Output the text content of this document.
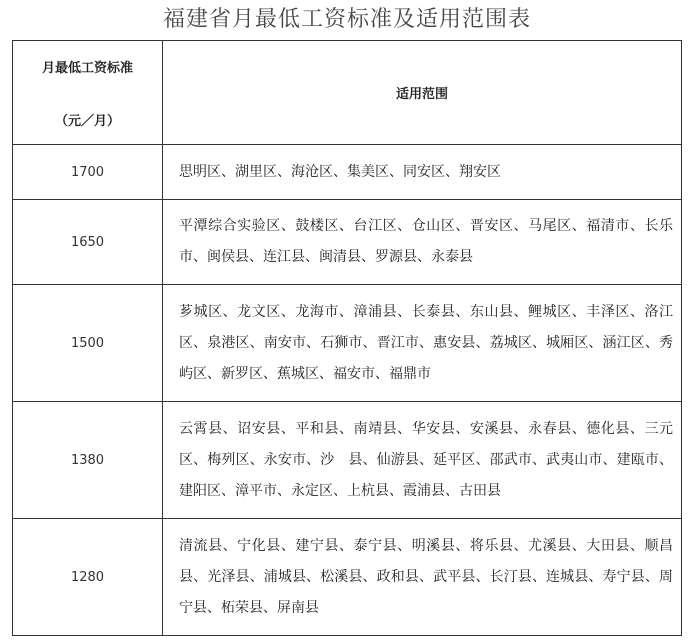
福建省月最低工资标准及适用范围表
月最低工资标准
（元／月）	适用范围
1700	思明区、湖里区、海沧区、集美区、同安区、翔安区
1650	平潭综合实验区、鼓楼区、台江区、仓山区、晋安区、马尾区、福清市、长乐市、闽侯县、连江县、闽清县、罗源县、永泰县
1500	芗城区、龙文区、龙海市、漳浦县、长泰县、东山县、鲤城区、丰泽区、洛江区、泉港区、南安市、石狮市、晋江市、惠安县、荔城区、城厢区、涵江区、秀屿区、新罗区、蕉城区、福安市、福鼎市
1380	云霄县、诏安县、平和县、南靖县、华安县、安溪县、永春县、德化县、三元区、梅列区、永安市、沙　县、仙游县、延平区、邵武市、武夷山市、建瓯市、建阳区、漳平市、永定区、上杭县、霞浦县、古田县
1280	清流县、宁化县、建宁县、泰宁县、明溪县、将乐县、尤溪县、大田县、顺昌县、光泽县、浦城县、松溪县、政和县、武平县、长汀县、连城县、寿宁县、周宁县、柘荣县、屏南县
